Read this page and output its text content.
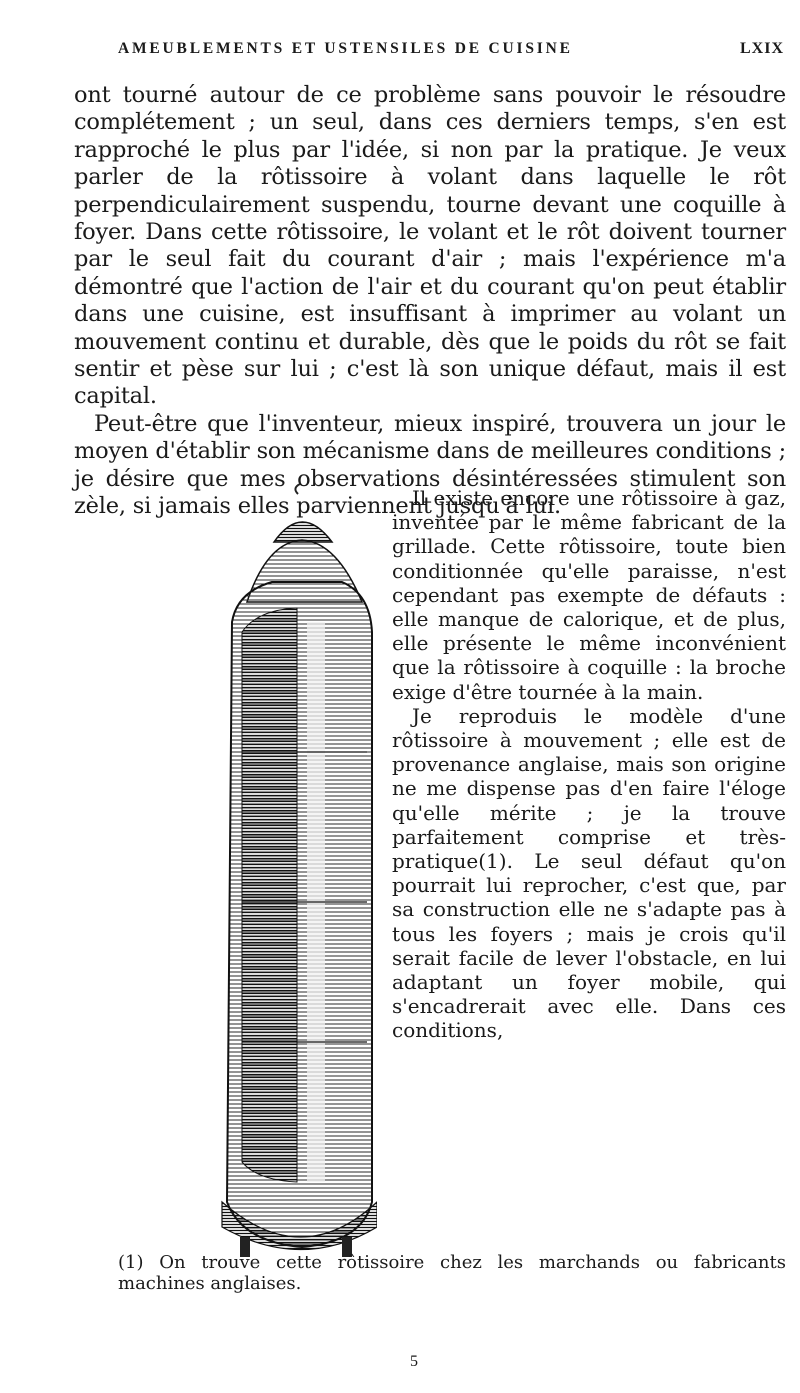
AMEUBLEMENTS ET USTENSILES DE CUISINE	LXIX

ont tourné autour de ce problème sans pouvoir le résoudre complétement ; un seul, dans ces derniers temps, s'en est rapproché le plus par l'idée, si non par la pratique. Je veux parler de la rôtissoire à volant dans laquelle le rôt perpendiculairement suspendu, tourne devant une coquille à foyer. Dans cette rôtissoire, le volant et le rôt doivent tourner par le seul fait du courant d'air ; mais l'expérience m'a démontré que l'action de l'air et du courant qu'on peut établir dans une cuisine, est insuffisant à imprimer au volant un mouvement continu et durable, dès que le poids du rôt se fait sentir et pèse sur lui ; c'est là son unique défaut, mais il est capital.

Peut-être que l'inventeur, mieux inspiré, trouvera un jour le moyen d'établir son mécanisme dans de meilleures conditions ; je désire que mes observations désintéressées stimulent son zèle, si jamais elles parviennent jusqu'à lui.

Il existe encore une rôtissoire à gaz, inventée par le même fabricant de la grillade. Cette rôtissoire, toute bien conditionnée qu'elle paraisse, n'est cependant pas exempte de défauts : elle manque de calorique, et de plus, elle présente le même inconvénient que la rôtissoire à coquille : la broche exige d'être tournée à la main.

Je reproduis le modèle d'une rôtissoire à mouvement ; elle est de provenance anglaise, mais son origine ne me dispense pas d'en faire l'éloge qu'elle mérite ; je la trouve parfaitement comprise et très-pratique(1). Le seul défaut qu'on pourrait lui reprocher, c'est que, par sa construction elle ne s'adapte pas à tous les foyers ; mais je crois qu'il serait facile de lever l'obstacle, en lui adaptant un foyer mobile, qui s'encadrerait avec elle. Dans ces conditions,

(1) On trouve cette rôtissoire chez les marchands ou fabricants machines anglaises.
5
